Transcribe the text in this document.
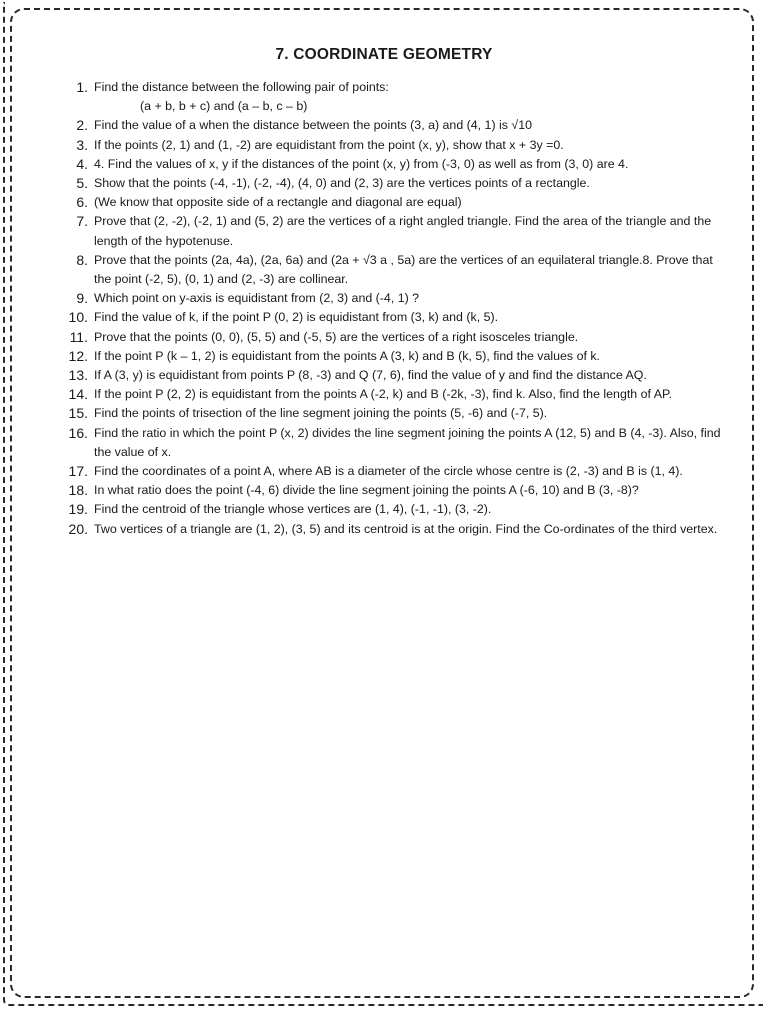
7. COORDINATE GEOMETRY
1. Find the distance between the following pair of points:
(a + b, b + c) and (a – b, c – b)
2. Find the value of a when the distance between the points (3, a) and (4, 1) is √10
3. If the points (2, 1) and (1, -2) are equidistant from the point (x, y), show that x + 3y =0.
4. 4. Find the values of x, y if the distances of the point (x, y) from (-3, 0) as well as from (3, 0) are 4.
5. Show that the points (-4, -1), (-2, -4), (4, 0) and (2, 3) are the vertices points of a rectangle.
6. (We know that opposite side of a rectangle and diagonal are equal)
7. Prove that (2, -2), (-2, 1) and (5, 2) are the vertices of a right angled triangle. Find the area of the triangle and the length of the hypotenuse.
8. Prove that the points (2a, 4a), (2a, 6a) and (2a + √3 a , 5a) are the vertices of an equilateral triangle.8. Prove that the point (-2, 5), (0, 1) and (2, -3) are collinear.
9. Which point on y-axis is equidistant from (2, 3) and (-4, 1) ?
10. Find the value of k, if the point P (0, 2) is equidistant from (3, k) and (k, 5).
11. Prove that the points (0, 0), (5, 5) and (-5, 5) are the vertices of a right isosceles triangle.
12. If the point P (k – 1, 2) is equidistant from the points A (3, k) and B (k, 5), find the values of k.
13. If A (3, y) is equidistant from points P (8, -3) and Q (7, 6), find the value of y and find the distance AQ.
14. If the point P (2, 2) is equidistant from the points A (-2, k) and B (-2k, -3), find k. Also, find the length of AP.
15. Find the points of trisection of the line segment joining the points (5, -6) and (-7, 5).
16. Find the ratio in which the point P (x, 2) divides the line segment joining the points A (12, 5) and B (4, -3). Also, find the value of x.
17. Find the coordinates of a point A, where AB is a diameter of the circle whose centre is (2, -3) and B is (1, 4).
18. In what ratio does the point (-4, 6) divide the line segment joining the points A (-6, 10) and B (3, -8)?
19. Find the centroid of the triangle whose vertices are (1, 4), (-1, -1), (3, -2).
20. Two vertices of a triangle are (1, 2), (3, 5) and its centroid is at the origin. Find the Co-ordinates of the third vertex.
